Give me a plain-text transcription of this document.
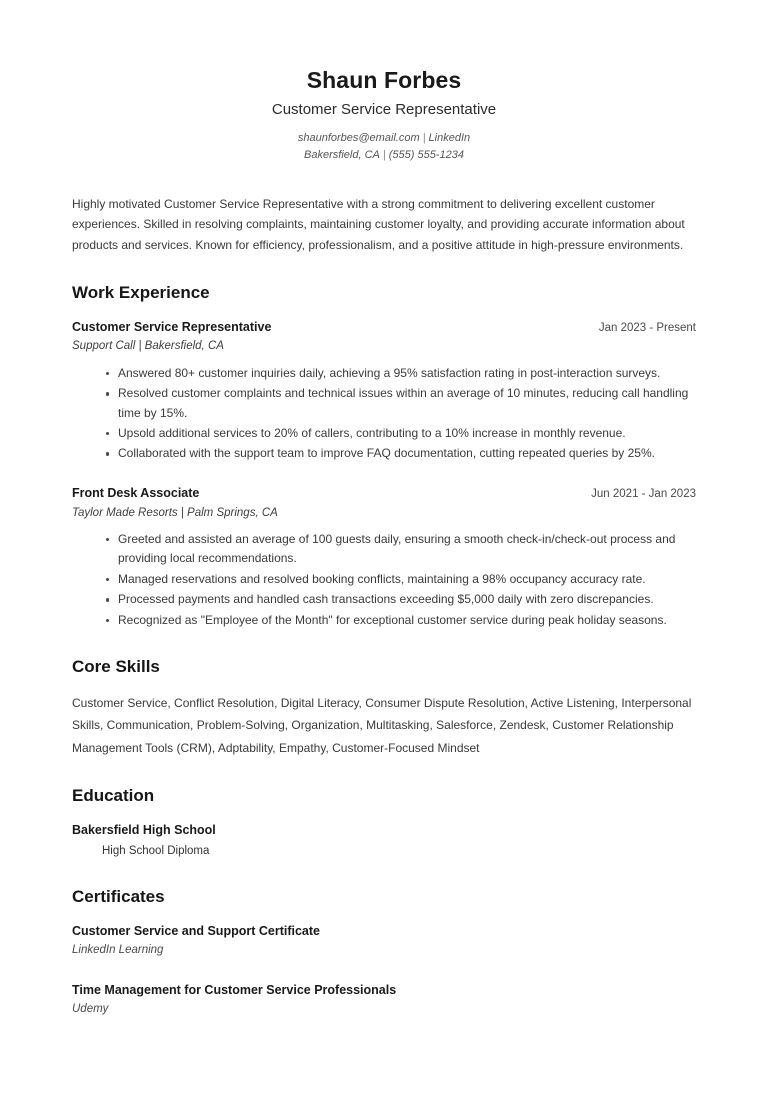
Shaun Forbes
Customer Service Representative
shaunforbes@email.com | LinkedIn
Bakersfield, CA | (555) 555-1234
Highly motivated Customer Service Representative with a strong commitment to delivering excellent customer experiences. Skilled in resolving complaints, maintaining customer loyalty, and providing accurate information about products and services. Known for efficiency, professionalism, and a positive attitude in high-pressure environments.
Work Experience
Customer Service Representative	Jan 2023 - Present
Support Call | Bakersfield, CA
Answered 80+ customer inquiries daily, achieving a 95% satisfaction rating in post-interaction surveys.
Resolved customer complaints and technical issues within an average of 10 minutes, reducing call handling time by 15%.
Upsold additional services to 20% of callers, contributing to a 10% increase in monthly revenue.
Collaborated with the support team to improve FAQ documentation, cutting repeated queries by 25%.
Front Desk Associate	Jun 2021 - Jan 2023
Taylor Made Resorts | Palm Springs, CA
Greeted and assisted an average of 100 guests daily, ensuring a smooth check-in/check-out process and providing local recommendations.
Managed reservations and resolved booking conflicts, maintaining a 98% occupancy accuracy rate.
Processed payments and handled cash transactions exceeding $5,000 daily with zero discrepancies.
Recognized as "Employee of the Month" for exceptional customer service during peak holiday seasons.
Core Skills
Customer Service, Conflict Resolution, Digital Literacy, Consumer Dispute Resolution, Active Listening, Interpersonal Skills, Communication, Problem-Solving, Organization, Multitasking, Salesforce, Zendesk, Customer Relationship Management Tools (CRM), Adptability, Empathy, Customer-Focused Mindset
Education
Bakersfield High School
High School Diploma
Certificates
Customer Service and Support Certificate
LinkedIn Learning
Time Management for Customer Service Professionals
Udemy
